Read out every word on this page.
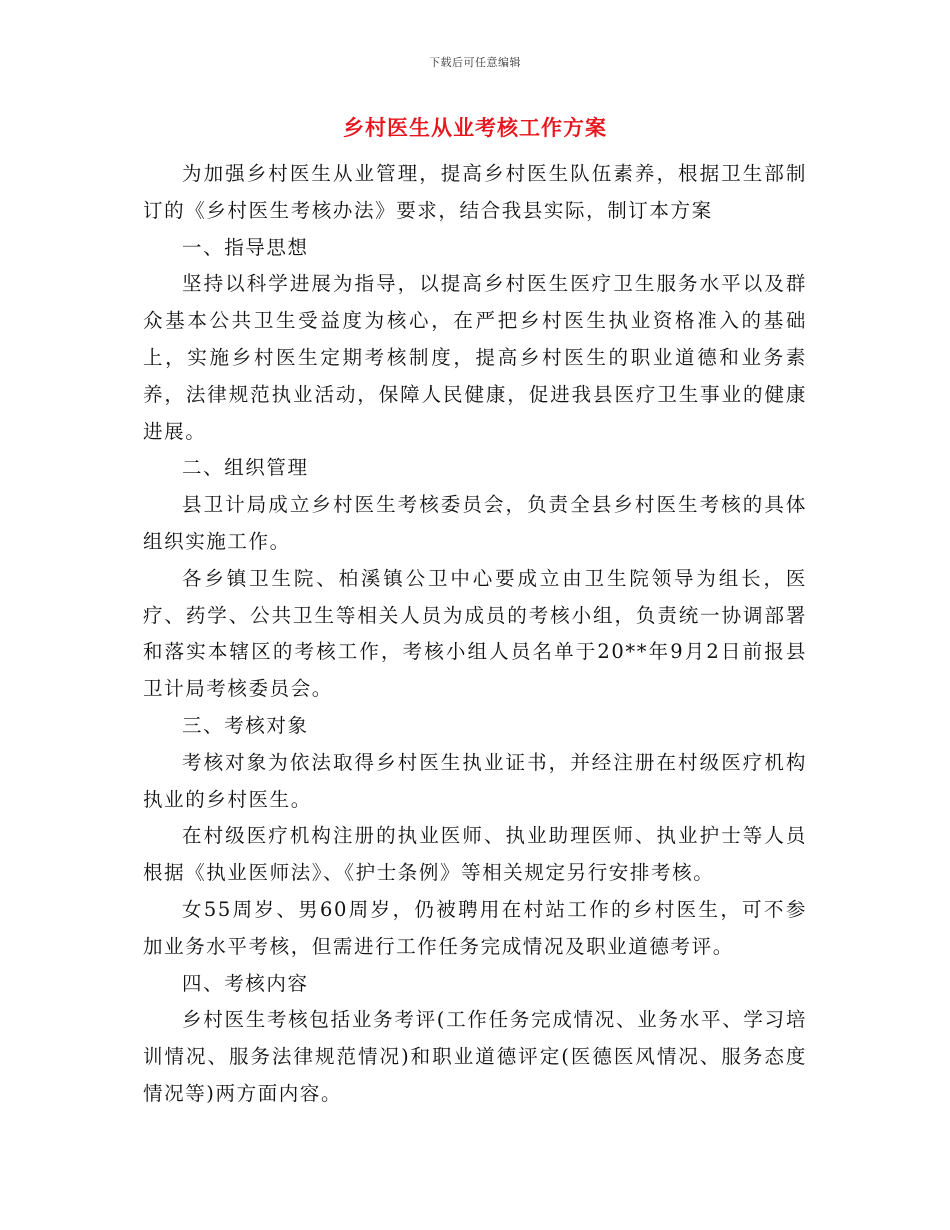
下载后可任意编辑
乡村医生从业考核工作方案

为加强乡村医生从业管理，提高乡村医生队伍素养，根据卫生部制订的《乡村医生考核办法》要求，结合我县实际，制订本方案

一、指导思想

坚持以科学进展为指导，以提高乡村医生医疗卫生服务水平以及群众基本公共卫生受益度为核心，在严把乡村医生执业资格准入的基础上，实施乡村医生定期考核制度，提高乡村医生的职业道德和业务素养，法律规范执业活动，保障人民健康，促进我县医疗卫生事业的健康进展。

二、组织管理

县卫计局成立乡村医生考核委员会，负责全县乡村医生考核的具体组织实施工作。

各乡镇卫生院、柏溪镇公卫中心要成立由卫生院领导为组长，医疗、药学、公共卫生等相关人员为成员的考核小组，负责统一协调部署和落实本辖区的考核工作，考核小组人员名单于20**年9月2日前报县卫计局考核委员会。

三、考核对象

考核对象为依法取得乡村医生执业证书，并经注册在村级医疗机构执业的乡村医生。

在村级医疗机构注册的执业医师、执业助理医师、执业护士等人员根据《执业医师法》、《护士条例》等相关规定另行安排考核。

女55周岁、男60周岁，仍被聘用在村站工作的乡村医生，可不参加业务水平考核，但需进行工作任务完成情况及职业道德考评。

四、考核内容

乡村医生考核包括业务考评(工作任务完成情况、业务水平、学习培训情况、服务法律规范情况)和职业道德评定(医德医风情况、服务态度情况等)两方面内容。
